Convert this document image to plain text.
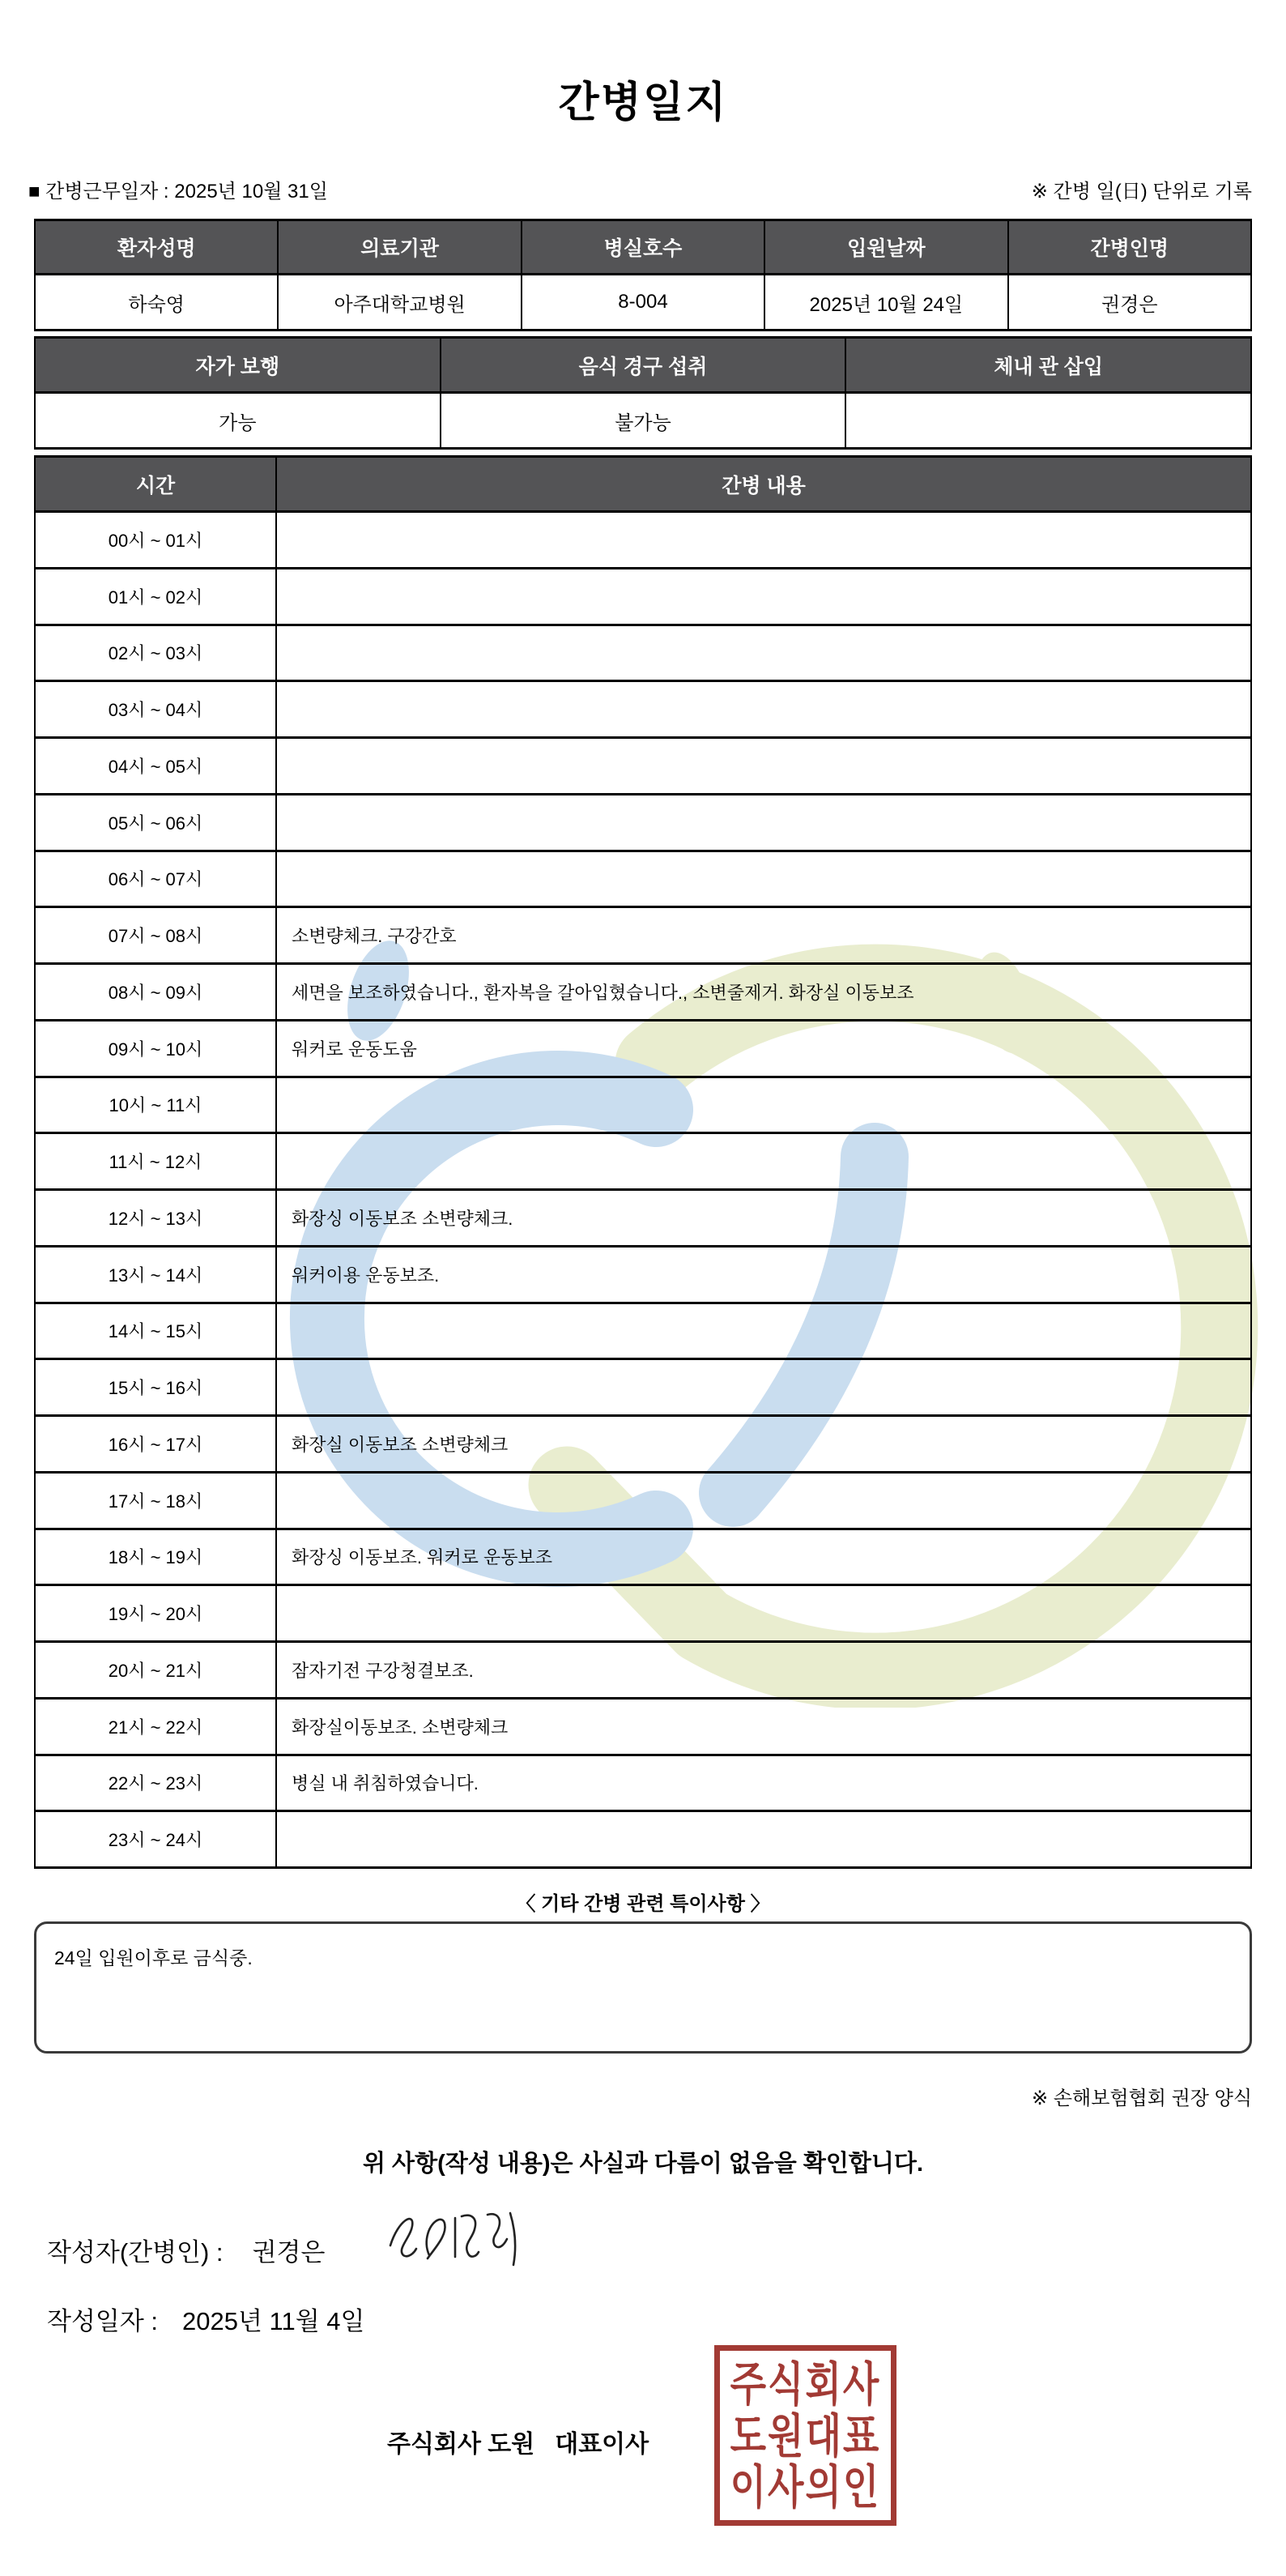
간병일지
■ 간병근무일자 : 2025년 10월 31일	※ 간병 일(日) 단위로 기록
환자성명	의료기관	병실호수	입원날짜	간병인명
하숙영	아주대학교병원	8-004	2025년 10월 24일	권경은
자가 보행	음식 경구 섭취	체내 관 삽입
가능	불가능	
시간	간병 내용
00시 ~ 01시	
01시 ~ 02시	
02시 ~ 03시	
03시 ~ 04시	
04시 ~ 05시	
05시 ~ 06시	
06시 ~ 07시	
07시 ~ 08시	소변량체크. 구강간호
08시 ~ 09시	세면을 보조하였습니다., 환자복을 갈아입혔습니다., 소변줄제거. 화장실 이동보조
09시 ~ 10시	워커로 운동도움
10시 ~ 11시	
11시 ~ 12시	
12시 ~ 13시	화장싱 이동보조 소변량체크.
13시 ~ 14시	워커이용 운동보조.
14시 ~ 15시	
15시 ~ 16시	
16시 ~ 17시	화장실 이동보조 소변량체크
17시 ~ 18시	
18시 ~ 19시	화장싱 이동보조. 워커로 운동보조
19시 ~ 20시	
20시 ~ 21시	잠자기전 구강청결보조.
21시 ~ 22시	화장실이동보조. 소변량체크
22시 ~ 23시	병실 내 취침하였습니다.
23시 ~ 24시	
〈 기타 간병 관련 특이사항 〉
24일 입원이후로 금식중.
※ 손해보험협회 권장 양식
위 사항(작성 내용)은 사실과 다름이 없음을 확인합니다.
작성자(간병인) : 권경은
작성일자 : 2025년 11월 4일
주식회사 도원   대표이사
주식회사
도원대표
이사의인
